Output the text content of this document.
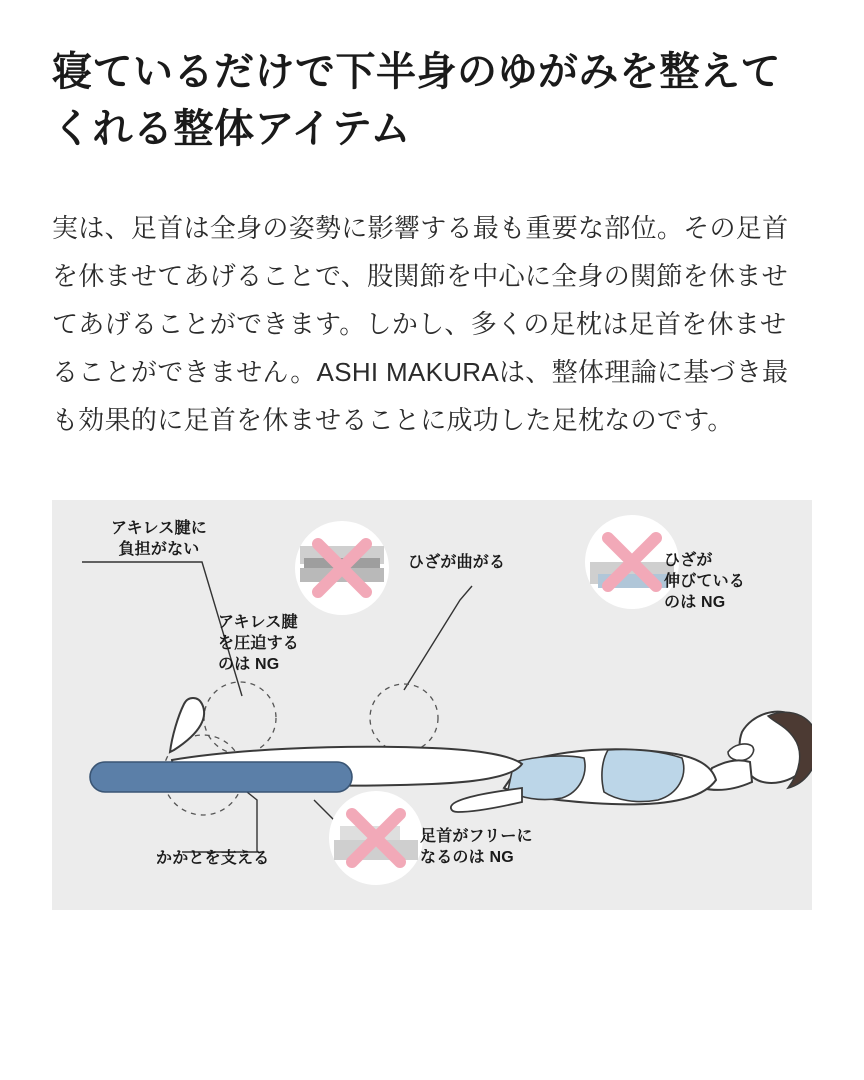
寝ているだけで下半身のゆがみを整えてくれる整体アイテム

実は、足首は全身の姿勢に影響する最も重要な部位。その足首を休ませてあげることで、股関節を中心に全身の関節を休ませてあげることができます。しかし、多くの足枕は足首を休ませることができません。ASHI MAKURAは、整体理論に基づき最も効果的に足首を休ませることに成功した足枕なのです。

アキレス腱に
負担がない
アキレス腱
を圧迫する
のは NG
ひざが曲がる	ひざが
伸びている
のは NG
かかとを支える
足首がフリーに
なるのは NG
